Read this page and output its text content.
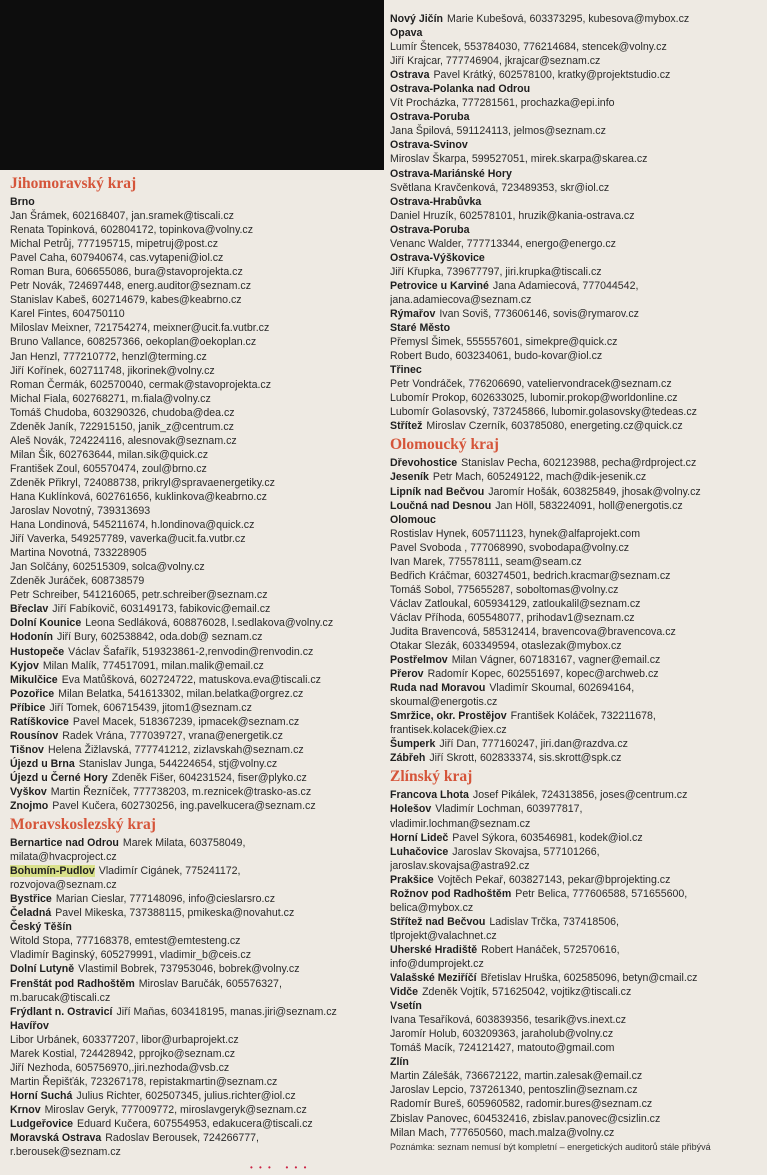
Jihomoravský kraj
Brno
Jan Šrámek, 602168407, jan.sramek@tiscali.cz
Renata Topinková, 602804172, topinkova@volny.cz
Michal Petrůj, 777195715, mipetruj@post.cz
Pavel Caha, 607940674, cas.vytapeni@iol.cz
Roman Bura, 606655086, bura@stavoprojekta.cz
Petr Novák, 724697448, energ.auditor@seznam.cz
Stanislav Kabeš, 602714679, kabes@keabrno.cz
Karel Fintes, 604750110
Miloslav Meixner, 721754274, meixner@ucit.fa.vutbr.cz
Bruno Vallance, 608257366, oekoplan@oekoplan.cz
Jan Henzl, 777210772, henzl@terming.cz
Jiří Kořínek, 602711748, jikorinek@volny.cz
Roman Čermák, 602570040, cermak@stavoprojekta.cz
Michal Fiala, 602768271, m.fiala@volny.cz
Tomáš Chudoba, 603290326, chudoba@dea.cz
Zdeněk Janík, 722915150, janik_z@centrum.cz
Aleš Novák, 724224116, alesnovak@seznam.cz
Milan Šik, 602763644, milan.sik@quick.cz
František Zoul, 605570474, zoul@brno.cz
Zdeněk Přikryl, 724088738, prikryl@spravaenergetiky.cz
Hana Kuklínková, 602761656, kuklinkova@keabrno.cz
Jaroslav Novotný, 739313693
Hana Londinová, 545211674, h.londinova@quick.cz
Jiří Vaverka, 549257789, vaverka@ucit.fa.vutbr.cz
Martina Novotná, 733228905
Jan Solčány, 602515309, solca@volny.cz
Zdeněk Juráček, 608738579
Petr Schreiber, 541216065, petr.schreiber@seznam.cz
Břeclav Jiří Fabíkovič, 603149173, fabikovic@email.cz
Dolní Kounice Leona Sedláková, 608876028, l.sedlakova@volny.cz
Hodonín Jiří Bury, 602538842, oda.dob@ seznam.cz
Hustopeče Václav Šafařík, 519323861-2,renvodin@renvodin.cz
Kyjov Milan Malík, 774517091, milan.malik@email.cz
Mikulčice Eva Matůšková, 602724722, matuskova.eva@tiscali.cz
Pozořice Milan Belatka, 541613302, milan.belatka@orgrez.cz
Příbice Jiří Tomek, 606715439, jitom1@seznam.cz
Ratíškovice Pavel Macek, 518367239, ipmacek@seznam.cz
Rousínov Radek Vrána, 777039727, vrana@energetik.cz
Tišnov Helena Žižlavská, 777741212, zizlavskah@seznam.cz
Újezd u Brna Stanislav Junga, 544224654, stj@volny.cz
Újezd u Černé Hory Zdeněk Fišer, 604231524, fiser@plyko.cz
Vyškov Martin Řezníček, 777738203, m.reznicek@trasko-as.cz
Znojmo Pavel Kučera, 602730256, ing.pavelkucera@seznam.cz
Moravskoslezský kraj
Bernartice nad Odrou Marek Milata, 603758049,
milata@hvacproject.cz
Bohumín-Pudlov Vladimír Cigánek, 775241172,
rozvojova@seznam.cz
Bystřice Marian Cieslar, 777148096, info@cieslarsro.cz
Čeladná Pavel Mikeska, 737388115, pmikeska@novahut.cz
Český Těšín
Witold Stopa, 777168378, emtest@emtesteng.cz
Vladimír Baginský, 605279991, vladimir_b@ceis.cz
Dolní Lutyně Vlastimil Bobrek, 737953046, bobrek@volny.cz
Frenštát pod Radhoštěm Miroslav Baručák, 605576327,
m.barucak@tiscali.cz
Frýdlant n. Ostravicí Jiří Maňas, 603418195, manas.jiri@seznam.cz
Havířov
Libor Urbánek, 603377207, libor@urbaprojekt.cz
Marek Kostial, 724428942, pprojko@seznam.cz
Jiří Nezhoda, 605756970,.jiri.nezhoda@vsb.cz
Martin Řepišťák, 723267178, repistakmartin@seznam.cz
Horní Suchá Julius Richter, 602507345, julius.richter@iol.cz
Krnov Miroslav Geryk, 777009772, miroslavgeryk@seznam.cz
Ludgeřovice Eduard Kučera, 607554953, edakucera@tiscali.cz
Moravská Ostrava Radoslav Berousek, 724266777,
r.berousek@seznam.cz
Nový Jičín Marie Kubešová, 603373295, kubesova@mybox.cz
Opava
Lumír Štencek, 553784030, 776214684, stencek@volny.cz
Jiří Krajcar, 777746904, jkrajcar@seznam.cz
Ostrava Pavel Krátký, 602578100, kratky@projektstudio.cz
Ostrava-Polanka nad Odrou
Vít Procházka, 777281561, prochazka@epi.info
Ostrava-Poruba
Jana Špilová, 591124113, jelmos@seznam.cz
Ostrava-Svinov
Miroslav Škarpa, 599527051, mirek.skarpa@skarea.cz
Ostrava-Mariánské Hory
Světlana Kravčenková, 723489353, skr@iol.cz
Ostrava-Hrabůvka
Daniel Hruzík, 602578101, hruzik@kania-ostrava.cz
Ostrava-Poruba
Venanc Walder, 777713344, energo@energo.cz
Ostrava-Výškovice
Jiří Křupka, 739677797, jiri.krupka@tiscali.cz
Petrovice u Karviné Jana Adamiecová, 777044542,
jana.adamiecova@seznam.cz
Rýmařov Ivan Soviš, 773606146, sovis@rymarov.cz
Staré Město
Přemysl Šimek, 555557601, simekpre@quick.cz
Robert Budo, 603234061, budo-kovar@iol.cz
Třinec
Petr Vondráček, 776206690, vateliervondracek@seznam.cz
Lubomír Prokop, 602633025, lubomir.prokop@worldonline.cz
Lubomír Golasovský, 737245866, lubomir.golasovsky@tedeas.cz
Střítež Miroslav Czerník, 603785080, energeting.cz@quick.cz
Olomoucký kraj
Dřevohostice Stanislav Pecha, 602123988, pecha@rdproject.cz
Jeseník Petr Mach, 605249122, mach@dik-jesenik.cz
Lipník nad Bečvou Jaromír Hošák, 603825849, jhosak@volny.cz
Loučná nad Desnou Jan Höll, 583224091, holl@energotis.cz
Olomouc
Rostislav Hynek, 605711123, hynek@alfaprojekt.com
Pavel Svoboda , 777068990, svobodapa@volny.cz
Ivan Marek, 775578111, seam@seam.cz
Bedřich Kráčmar, 603274501, bedrich.kracmar@seznam.cz
Tomáš Sobol, 775655287, soboltomas@volny.cz
Václav Zatloukal, 605934129, zatloukalil@seznam.cz
Václav Příhoda, 605548077, prihodav1@seznam.cz
Judita Bravencová, 585312414, bravencova@bravencova.cz
Otakar Slezák, 603349594, otaslezak@mybox.cz
Postřelmov Milan Vágner, 607183167, vagner@email.cz
Přerov Radomír Kopec, 602551697, kopec@archweb.cz
Ruda nad Moravou Vladimír Skoumal, 602694164,
skoumal@energotis.cz
Smržice, okr. Prostějov František Koláček, 732211678,
frantisek.kolacek@iex.cz
Šumperk Jiří Dan, 777160247, jiri.dan@razdva.cz
Zábřeh Jiří Skrott, 602833374, sis.skrott@spk.cz
Zlínský kraj
Francova Lhota Josef Pikálek, 724313856, joses@centrum.cz
Holešov Vladimír Lochman, 603977817,
vladimir.lochman@seznam.cz
Horní Lideč Pavel Sýkora, 603546981, kodek@iol.cz
Luhačovice Jaroslav Skovajsa, 577101266,
jaroslav.skovajsa@astra92.cz
Prakšice Vojtěch Pekař, 603827143, pekar@bprojekting.cz
Rožnov pod Radhoštěm Petr Belica, 777606588, 571655600,
belica@mybox.cz
Střítež nad Bečvou Ladislav Trčka, 737418506,
tlprojekt@valachnet.cz
Uherské Hradiště Robert Hanáček, 572570616,
info@dumprojekt.cz
Valašské Meziříčí Břetislav Hruška, 602585096, betyn@cmail.cz
Vidče Zdeněk Vojtík, 571625042, vojtikz@tiscali.cz
Vsetín
Ivana Tesaříková, 603839356, tesarik@vs.inext.cz
Jaromír Holub, 603209363, jaraholub@volny.cz
Tomáš Macík, 724121427, matouto@gmail.com
Zlín
Martin Zálešák, 736672122, martin.zalesak@email.cz
Jaroslav Lepcio, 737261340, pentoszlin@seznam.cz
Radomír Bureš, 605960582, radomir.bures@seznam.cz
Zbislav Panovec, 604532416, zbislav.panovec@csizlin.cz
Milan Mach, 777650560, mach.malza@volny.cz
Poznámka: seznam nemusí být kompletní – energetických auditorů stále přibývá
• • •   • • •
